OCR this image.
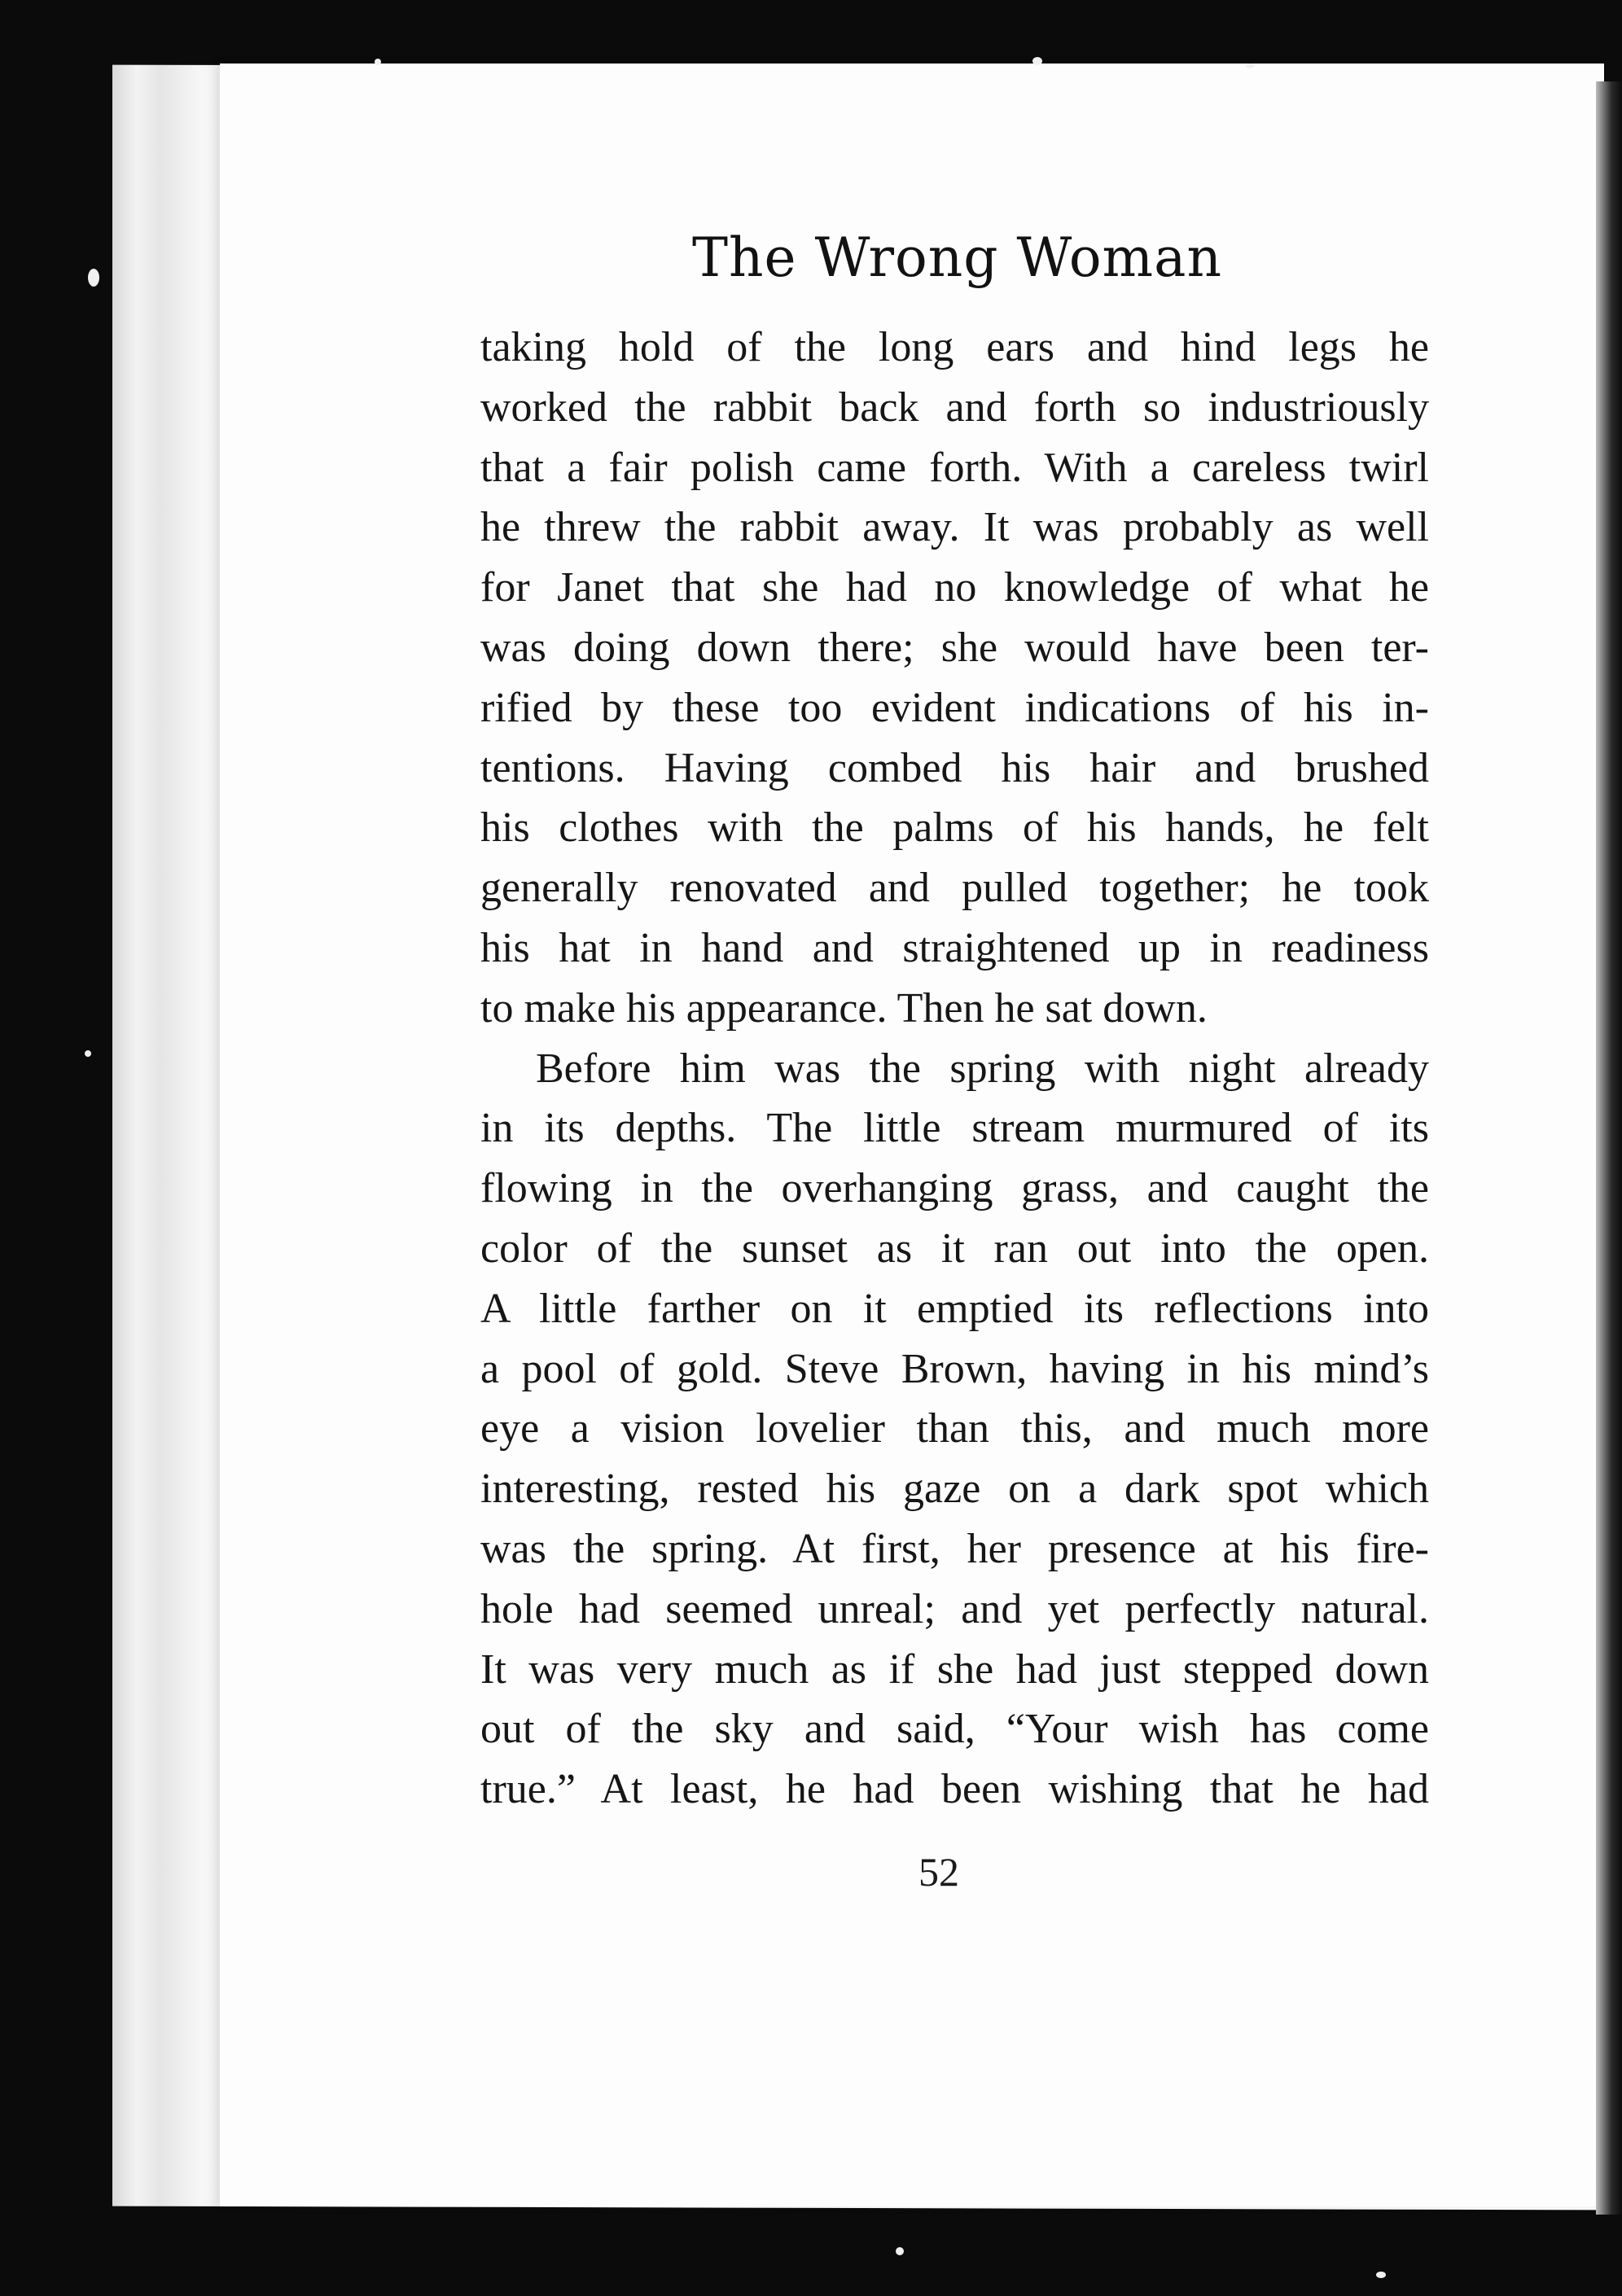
The Wrong Woman
taking hold of the long ears and hind legs he
worked the rabbit back and forth so industriously
that a fair polish came forth. With a careless twirl
he threw the rabbit away. It was probably as well
for Janet that she had no knowledge of what he
was doing down there; she would have been ter-
rified by these too evident indications of his in-
tentions. Having combed his hair and brushed
his clothes with the palms of his hands, he felt
generally renovated and pulled together; he took
his hat in hand and straightened up in readiness
to make his appearance. Then he sat down.
Before him was the spring with night already
in its depths. The little stream murmured of its
flowing in the overhanging grass, and caught the
color of the sunset as it ran out into the open.
A little farther on it emptied its reflections into
a pool of gold. Steve Brown, having in his mind’s
eye a vision lovelier than this, and much more
interesting, rested his gaze on a dark spot which
was the spring. At first, her presence at his fire-
hole had seemed unreal; and yet perfectly natural.
It was very much as if she had just stepped down
out of the sky and said, “Your wish has come
true.” At least, he had been wishing that he had
52
